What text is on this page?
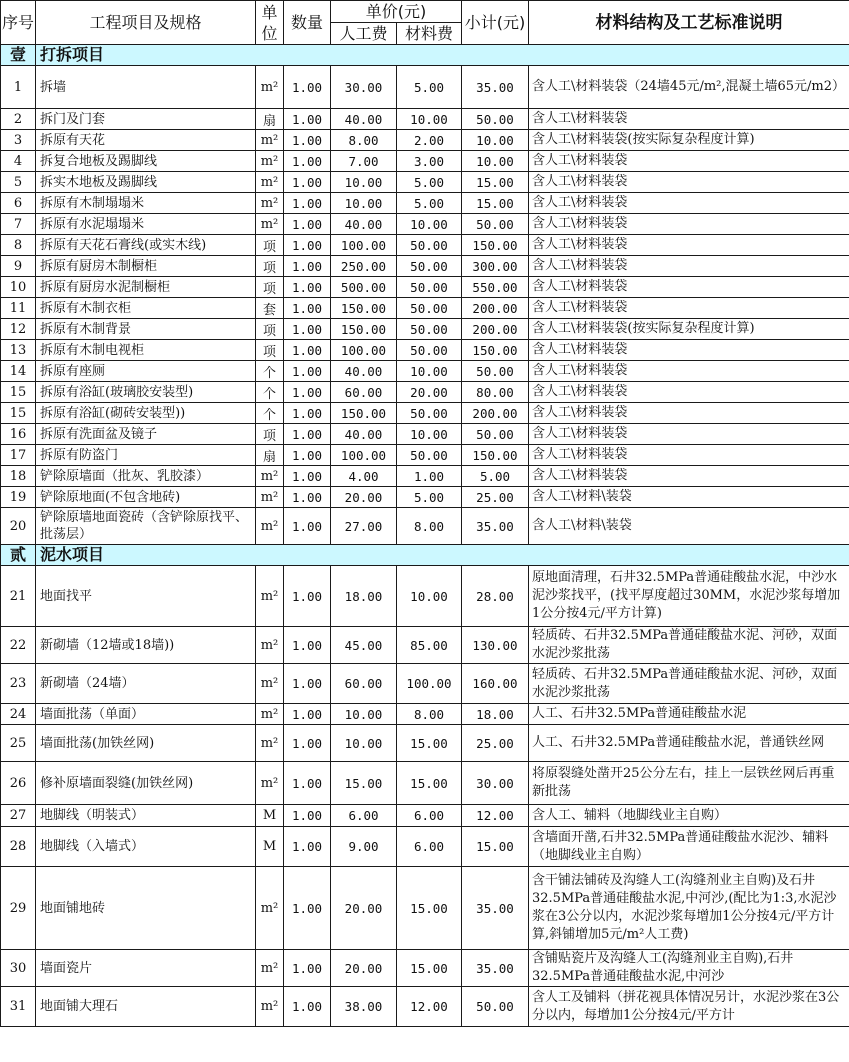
序号	工程项目及规格	单位	数量	单价(元)		小计(元)	材料结构及工艺标准说明
				人工费	材料费		
壹	打拆项目						
1	拆墙	m²	1.00	30.00	5.00	35.00	含人工\材料装袋（24墙45元/m²,混凝土墙65元/m2）
2	拆门及门套	扇	1.00	40.00	10.00	50.00	含人工\材料装袋
3	拆原有天花	m²	1.00	8.00	2.00	10.00	含人工\材料装袋(按实际复杂程度计算)
4	拆复合地板及踢脚线	m²	1.00	7.00	3.00	10.00	含人工\材料装袋
5	拆实木地板及踢脚线	m²	1.00	10.00	5.00	15.00	含人工\材料装袋
6	拆原有木制塌塌米	m²	1.00	10.00	5.00	15.00	含人工\材料装袋
7	拆原有水泥塌塌米	m²	1.00	40.00	10.00	50.00	含人工\材料装袋
8	拆原有天花石膏线(或实木线)	项	1.00	100.00	50.00	150.00	含人工\材料装袋
9	拆原有厨房木制橱柜	项	1.00	250.00	50.00	300.00	含人工\材料装袋
10	拆原有厨房水泥制橱柜	项	1.00	500.00	50.00	550.00	含人工\材料装袋
11	拆原有木制衣柜	套	1.00	150.00	50.00	200.00	含人工\材料装袋
12	拆原有木制背景	项	1.00	150.00	50.00	200.00	含人工\材料装袋(按实际复杂程度计算)
13	拆原有木制电视柜	项	1.00	100.00	50.00	150.00	含人工\材料装袋
14	拆原有座厕	个	1.00	40.00	10.00	50.00	含人工\材料装袋
15	拆原有浴缸(玻璃胶安装型)	个	1.00	60.00	20.00	80.00	含人工\材料装袋
15	拆原有浴缸(砌砖安装型))	个	1.00	150.00	50.00	200.00	含人工\材料装袋
16	拆原有洗面盆及镜子	项	1.00	40.00	10.00	50.00	含人工\材料装袋
17	拆原有防盗门	扇	1.00	100.00	50.00	150.00	含人工\材料装袋
18	铲除原墙面（批灰、乳胶漆）	m²	1.00	4.00	1.00	5.00	含人工\材料装袋
19	铲除原地面(不包含地砖)	m²	1.00	20.00	5.00	25.00	含人工\材料\装袋
20	铲除原墙地面瓷砖（含铲除原找平、批荡层）	m²	1.00	27.00	8.00	35.00	含人工\材料\装袋
贰	泥水项目						
21	地面找平	m²	1.00	18.00	10.00	28.00	原地面清理，石井32.5MPa普通硅酸盐水泥，中沙水泥沙浆找平，(找平厚度超过30MM，水泥沙浆每增加1公分按4元/平方计算)
22	新砌墙（12墙或18墙))	m²	1.00	45.00	85.00	130.00	轻质砖、石井32.5MPa普通硅酸盐水泥、河砂，双面水泥沙浆批荡
23	新砌墙（24墙）	m²	1.00	60.00	100.00	160.00	轻质砖、石井32.5MPa普通硅酸盐水泥、河砂，双面水泥沙浆批荡
24	墙面批荡（单面）	m²	1.00	10.00	8.00	18.00	人工、石井32.5MPa普通硅酸盐水泥
25	墙面批荡(加铁丝网)	m²	1.00	10.00	15.00	25.00	人工、石井32.5MPa普通硅酸盐水泥，普通铁丝网
26	修补原墙面裂缝(加铁丝网)	m²	1.00	15.00	15.00	30.00	将原裂缝处凿开25公分左右，挂上一层铁丝网后再重新批荡
27	地脚线（明装式）	M	1.00	6.00	6.00	12.00	含人工、辅料（地脚线业主自购）
28	地脚线（入墙式）	M	1.00	9.00	6.00	15.00	含墙面开凿,石井32.5MPa普通硅酸盐水泥沙、辅料（地脚线业主自购）
29	地面铺地砖	m²	1.00	20.00	15.00	35.00	含干铺法铺砖及沟缝人工(沟缝剂业主自购)及石井32.5MPa普通硅酸盐水泥,中河沙,(配比为1:3,水泥沙浆在3公分以内，水泥沙浆每增加1公分按4元/平方计算,斜铺增加5元/m²人工费)
30	墙面瓷片	m²	1.00	20.00	15.00	35.00	含铺贴瓷片及沟缝人工(沟缝剂业主自购),石井32.5MPa普通硅酸盐水泥,中河沙
31	地面铺大理石	m²	1.00	38.00	12.00	50.00	含人工及铺料（拼花视具体情况另计，水泥沙浆在3公分以内，每增加1公分按4元/平方计
